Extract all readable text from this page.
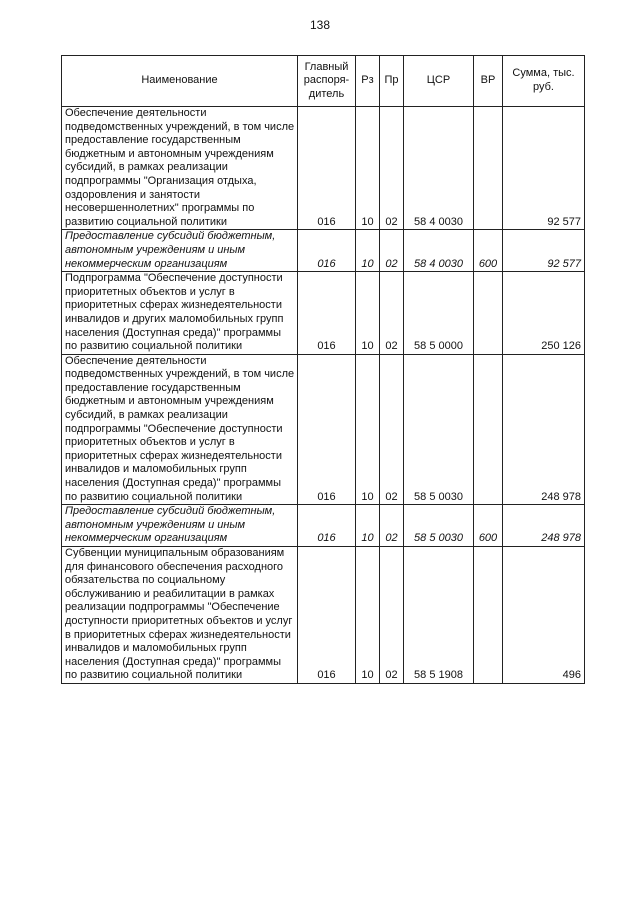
138
Наименование	Главный распоря-дитель	Рз	Пр	ЦСР	ВР	Сумма, тыс. руб.
Обеспечение деятельности подведомственных учреждений, в том числе предоставление государственным бюджетным и автономным учреждениям субсидий, в рамках реализации подпрограммы "Организация отдыха, оздоровления и занятости несовершеннолетних" программы по развитию социальной политики	016	10	02	58 4 0030		92 577
Предоставление субсидий бюджетным, автономным учреждениям и иным некоммерческим организациям	016	10	02	58 4 0030	600	92 577
Подпрограмма "Обеспечение доступности приоритетных объектов и услуг в приоритетных сферах жизнедеятельности инвалидов и других маломобильных групп населения (Доступная среда)" программы по развитию социальной политики	016	10	02	58 5 0000		250 126
Обеспечение деятельности подведомственных учреждений, в том числе предоставление государственным бюджетным и автономным учреждениям субсидий, в рамках реализации подпрограммы "Обеспечение доступности приоритетных объектов и услуг в приоритетных сферах жизнедеятельности инвалидов и маломобильных групп населения (Доступная среда)" программы по развитию социальной политики	016	10	02	58 5 0030		248 978
Предоставление субсидий бюджетным, автономным учреждениям и иным некоммерческим организациям	016	10	02	58 5 0030	600	248 978
Субвенции муниципальным образованиям для финансового обеспечения расходного обязательства по социальному обслуживанию и реабилитации в рамках реализации подпрограммы "Обеспечение доступности приоритетных объектов и услуг в приоритетных сферах жизнедеятельности инвалидов и маломобильных групп населения (Доступная среда)" программы по развитию социальной политики	016	10	02	58 5 1908		496
